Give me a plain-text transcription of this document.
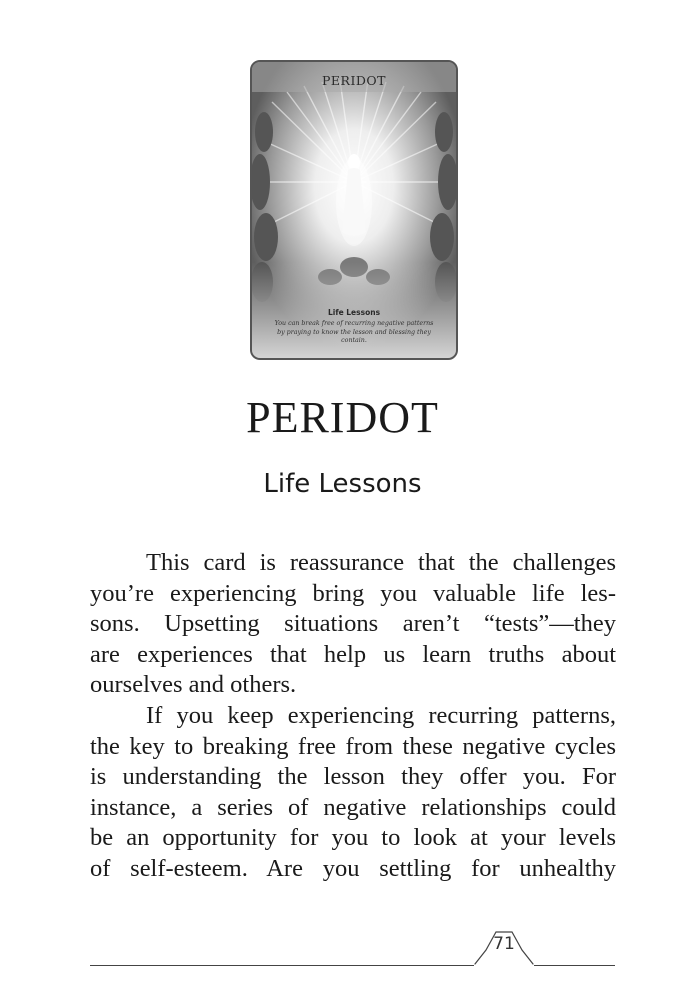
PERIDOT
Life Lessons
You can break free of recurring negative patterns by praying to know the lesson and blessing they contain.
PERIDOT
Life Lessons

This card is reassurance that the challenges
you’re experiencing bring you valuable life les-
sons. Upsetting situations aren’t “tests”—they
are experiences that help us learn truths about
ourselves and others.

If you keep experiencing recurring patterns,
the key to breaking free from these negative cycles
is understanding the lesson they offer you. For
instance, a series of negative relationships could
be an opportunity for you to look at your levels
of self-esteem. Are you settling for unhealthy

71
